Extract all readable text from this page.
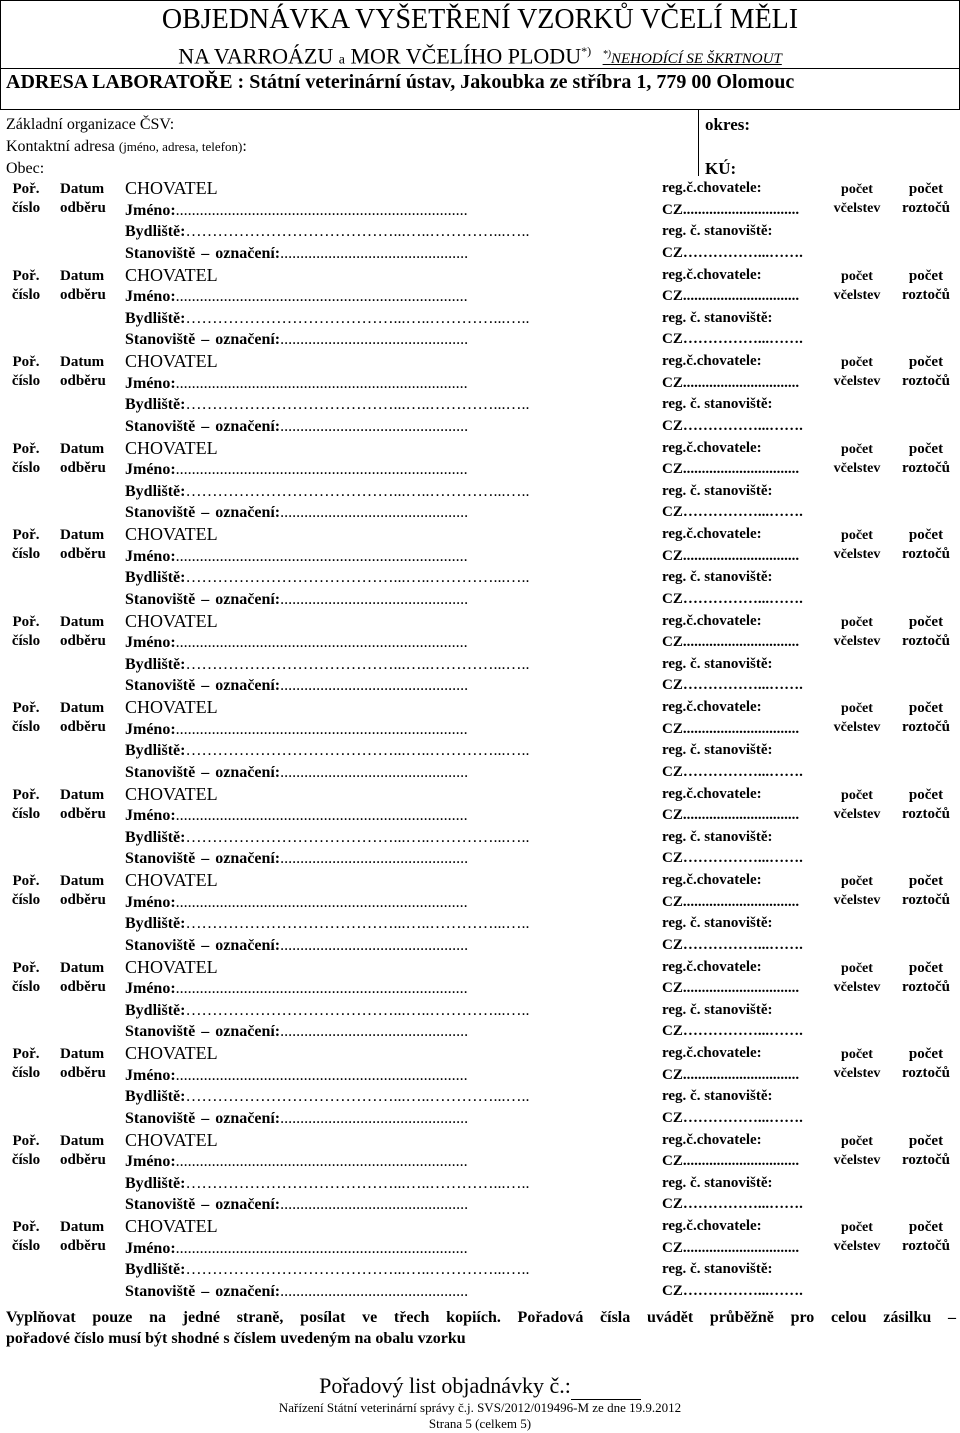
OBJEDNÁVKA VYŠETŘENÍ VZORKŮ VČELÍ MĚLI
NA VARROÁZU a MOR VČELÍHO PLODU*) *)NEHODÍCÍ SE ŠKRTNOUT
ADRESA LABORATOŘE : Státní veterinární ústav, Jakoubka ze stříbra 1, 779 00 Olomouc
Základní organizace ČSV:
Kontaktní adresa (jméno, adresa, telefon):
Obec:
okres:
KÚ:
Poř.
číslo
Datum
odběru
CHOVATEL
Jméno:.........................................................................
Bydliště:…………………………………...…..…………...…..
Stanoviště – označení:...............................................
reg.č.chovatele:
CZ...............................
reg. č. stanoviště:
CZ……………...…….
počet
včelstev
počet
roztočů
Poř.
číslo
Datum
odběru
CHOVATEL
Jméno:.........................................................................
Bydliště:…………………………………...…..…………...…..
Stanoviště – označení:...............................................
reg.č.chovatele:
CZ...............................
reg. č. stanoviště:
CZ……………...…….
počet
včelstev
počet
roztočů
Poř.
číslo
Datum
odběru
CHOVATEL
Jméno:.........................................................................
Bydliště:…………………………………...…..…………...…..
Stanoviště – označení:...............................................
reg.č.chovatele:
CZ...............................
reg. č. stanoviště:
CZ……………...…….
počet
včelstev
počet
roztočů
Poř.
číslo
Datum
odběru
CHOVATEL
Jméno:.........................................................................
Bydliště:…………………………………...…..…………...…..
Stanoviště – označení:...............................................
reg.č.chovatele:
CZ...............................
reg. č. stanoviště:
CZ……………...…….
počet
včelstev
počet
roztočů
Poř.
číslo
Datum
odběru
CHOVATEL
Jméno:.........................................................................
Bydliště:…………………………………...…..…………...…..
Stanoviště – označení:...............................................
reg.č.chovatele:
CZ...............................
reg. č. stanoviště:
CZ……………...…….
počet
včelstev
počet
roztočů
Poř.
číslo
Datum
odběru
CHOVATEL
Jméno:.........................................................................
Bydliště:…………………………………...…..…………...…..
Stanoviště – označení:...............................................
reg.č.chovatele:
CZ...............................
reg. č. stanoviště:
CZ……………...…….
počet
včelstev
počet
roztočů
Poř.
číslo
Datum
odběru
CHOVATEL
Jméno:.........................................................................
Bydliště:…………………………………...…..…………...…..
Stanoviště – označení:...............................................
reg.č.chovatele:
CZ...............................
reg. č. stanoviště:
CZ……………...…….
počet
včelstev
počet
roztočů
Poř.
číslo
Datum
odběru
CHOVATEL
Jméno:.........................................................................
Bydliště:…………………………………...…..…………...…..
Stanoviště – označení:...............................................
reg.č.chovatele:
CZ...............................
reg. č. stanoviště:
CZ……………...…….
počet
včelstev
počet
roztočů
Poř.
číslo
Datum
odběru
CHOVATEL
Jméno:.........................................................................
Bydliště:…………………………………...…..…………...…..
Stanoviště – označení:...............................................
reg.č.chovatele:
CZ...............................
reg. č. stanoviště:
CZ……………...…….
počet
včelstev
počet
roztočů
Poř.
číslo
Datum
odběru
CHOVATEL
Jméno:.........................................................................
Bydliště:…………………………………...…..…………...…..
Stanoviště – označení:...............................................
reg.č.chovatele:
CZ...............................
reg. č. stanoviště:
CZ……………...…….
počet
včelstev
počet
roztočů
Poř.
číslo
Datum
odběru
CHOVATEL
Jméno:.........................................................................
Bydliště:…………………………………...…..…………...…..
Stanoviště – označení:...............................................
reg.č.chovatele:
CZ...............................
reg. č. stanoviště:
CZ……………...…….
počet
včelstev
počet
roztočů
Poř.
číslo
Datum
odběru
CHOVATEL
Jméno:.........................................................................
Bydliště:…………………………………...…..…………...…..
Stanoviště – označení:...............................................
reg.č.chovatele:
CZ...............................
reg. č. stanoviště:
CZ……………...…….
počet
včelstev
počet
roztočů
Poř.
číslo
Datum
odběru
CHOVATEL
Jméno:.........................................................................
Bydliště:…………………………………...…..…………...…..
Stanoviště – označení:...............................................
reg.č.chovatele:
CZ...............................
reg. č. stanoviště:
CZ……………...…….
počet
včelstev
počet
roztočů
Vyplňovat pouze na jedné straně, posílat ve třech kopiích. Pořadová čísla uvádět průběžně pro celou zásilku –
pořadové číslo musí být shodné s číslem uvedeným na obalu vzorku
Pořadový list objadnávky č.:
Nařízení Státní veterinární správy č.j. SVS/2012/019496-M ze dne 19.9.2012
Strana 5 (celkem 5)
